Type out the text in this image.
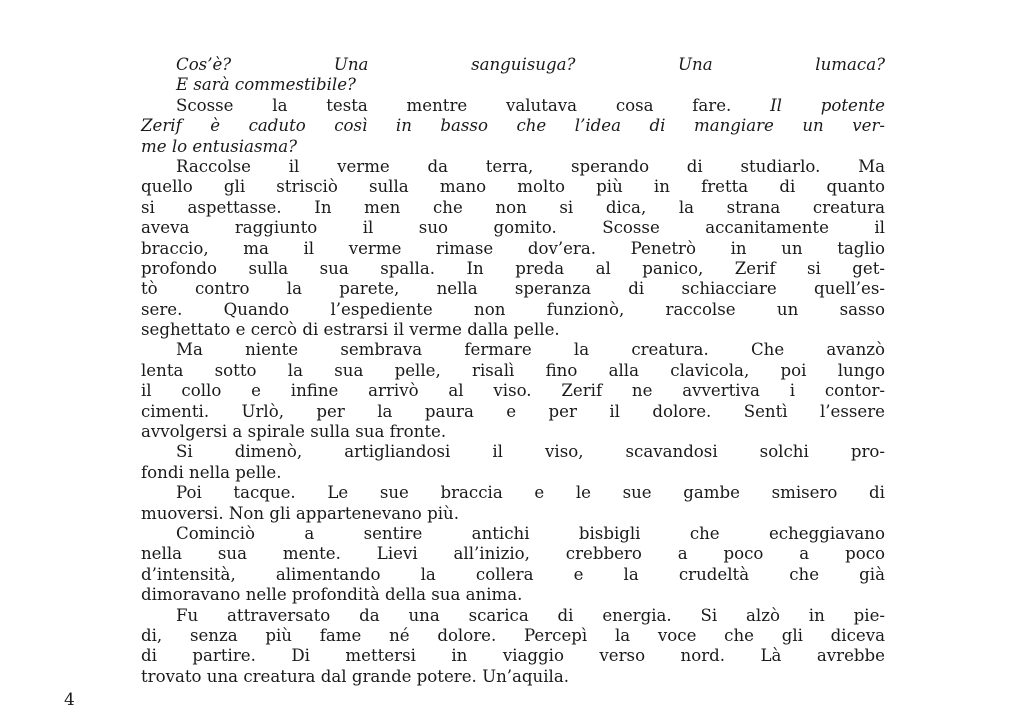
Cos’è? Una sanguisuga? Una lumaca?
E sarà commestibile?
Scosse la testa mentre valutava cosa fare. Il potente
Zerif è caduto così in basso che l’idea di mangiare un ver-
me lo entusiasma?
Raccolse il verme da terra, sperando di studiarlo. Ma
quello gli strisciò sulla mano molto più in fretta di quanto
si aspettasse. In men che non si dica, la strana creatura
aveva raggiunto il suo gomito. Scosse accanitamente il
braccio, ma il verme rimase dov’era. Penetrò in un taglio
profondo sulla sua spalla. In preda al panico, Zerif si get-
tò contro la parete, nella speranza di schiacciare quell’es-
sere. Quando l’espediente non funzionò, raccolse un sasso
seghettato e cercò di estrarsi il verme dalla pelle.
Ma niente sembrava fermare la creatura. Che avanzò
lenta sotto la sua pelle, risalì fino alla clavicola, poi lungo
il collo e infine arrivò al viso. Zerif ne avvertiva i contor-
cimenti. Urlò, per la paura e per il dolore. Sentì l’essere
avvolgersi a spirale sulla sua fronte.
Si dimenò, artigliandosi il viso, scavandosi solchi pro-
fondi nella pelle.
Poi tacque. Le sue braccia e le sue gambe smisero di
muoversi. Non gli appartenevano più.
Cominciò a sentire antichi bisbigli che echeggiavano
nella sua mente. Lievi all’inizio, crebbero a poco a poco
d’intensità, alimentando la collera e la crudeltà che già
dimoravano nelle profondità della sua anima.
Fu attraversato da una scarica di energia. Si alzò in pie-
di, senza più fame né dolore. Percepì la voce che gli diceva
di partire. Di mettersi in viaggio verso nord. Là avrebbe
trovato una creatura dal grande potere. Un’aquila.
4
